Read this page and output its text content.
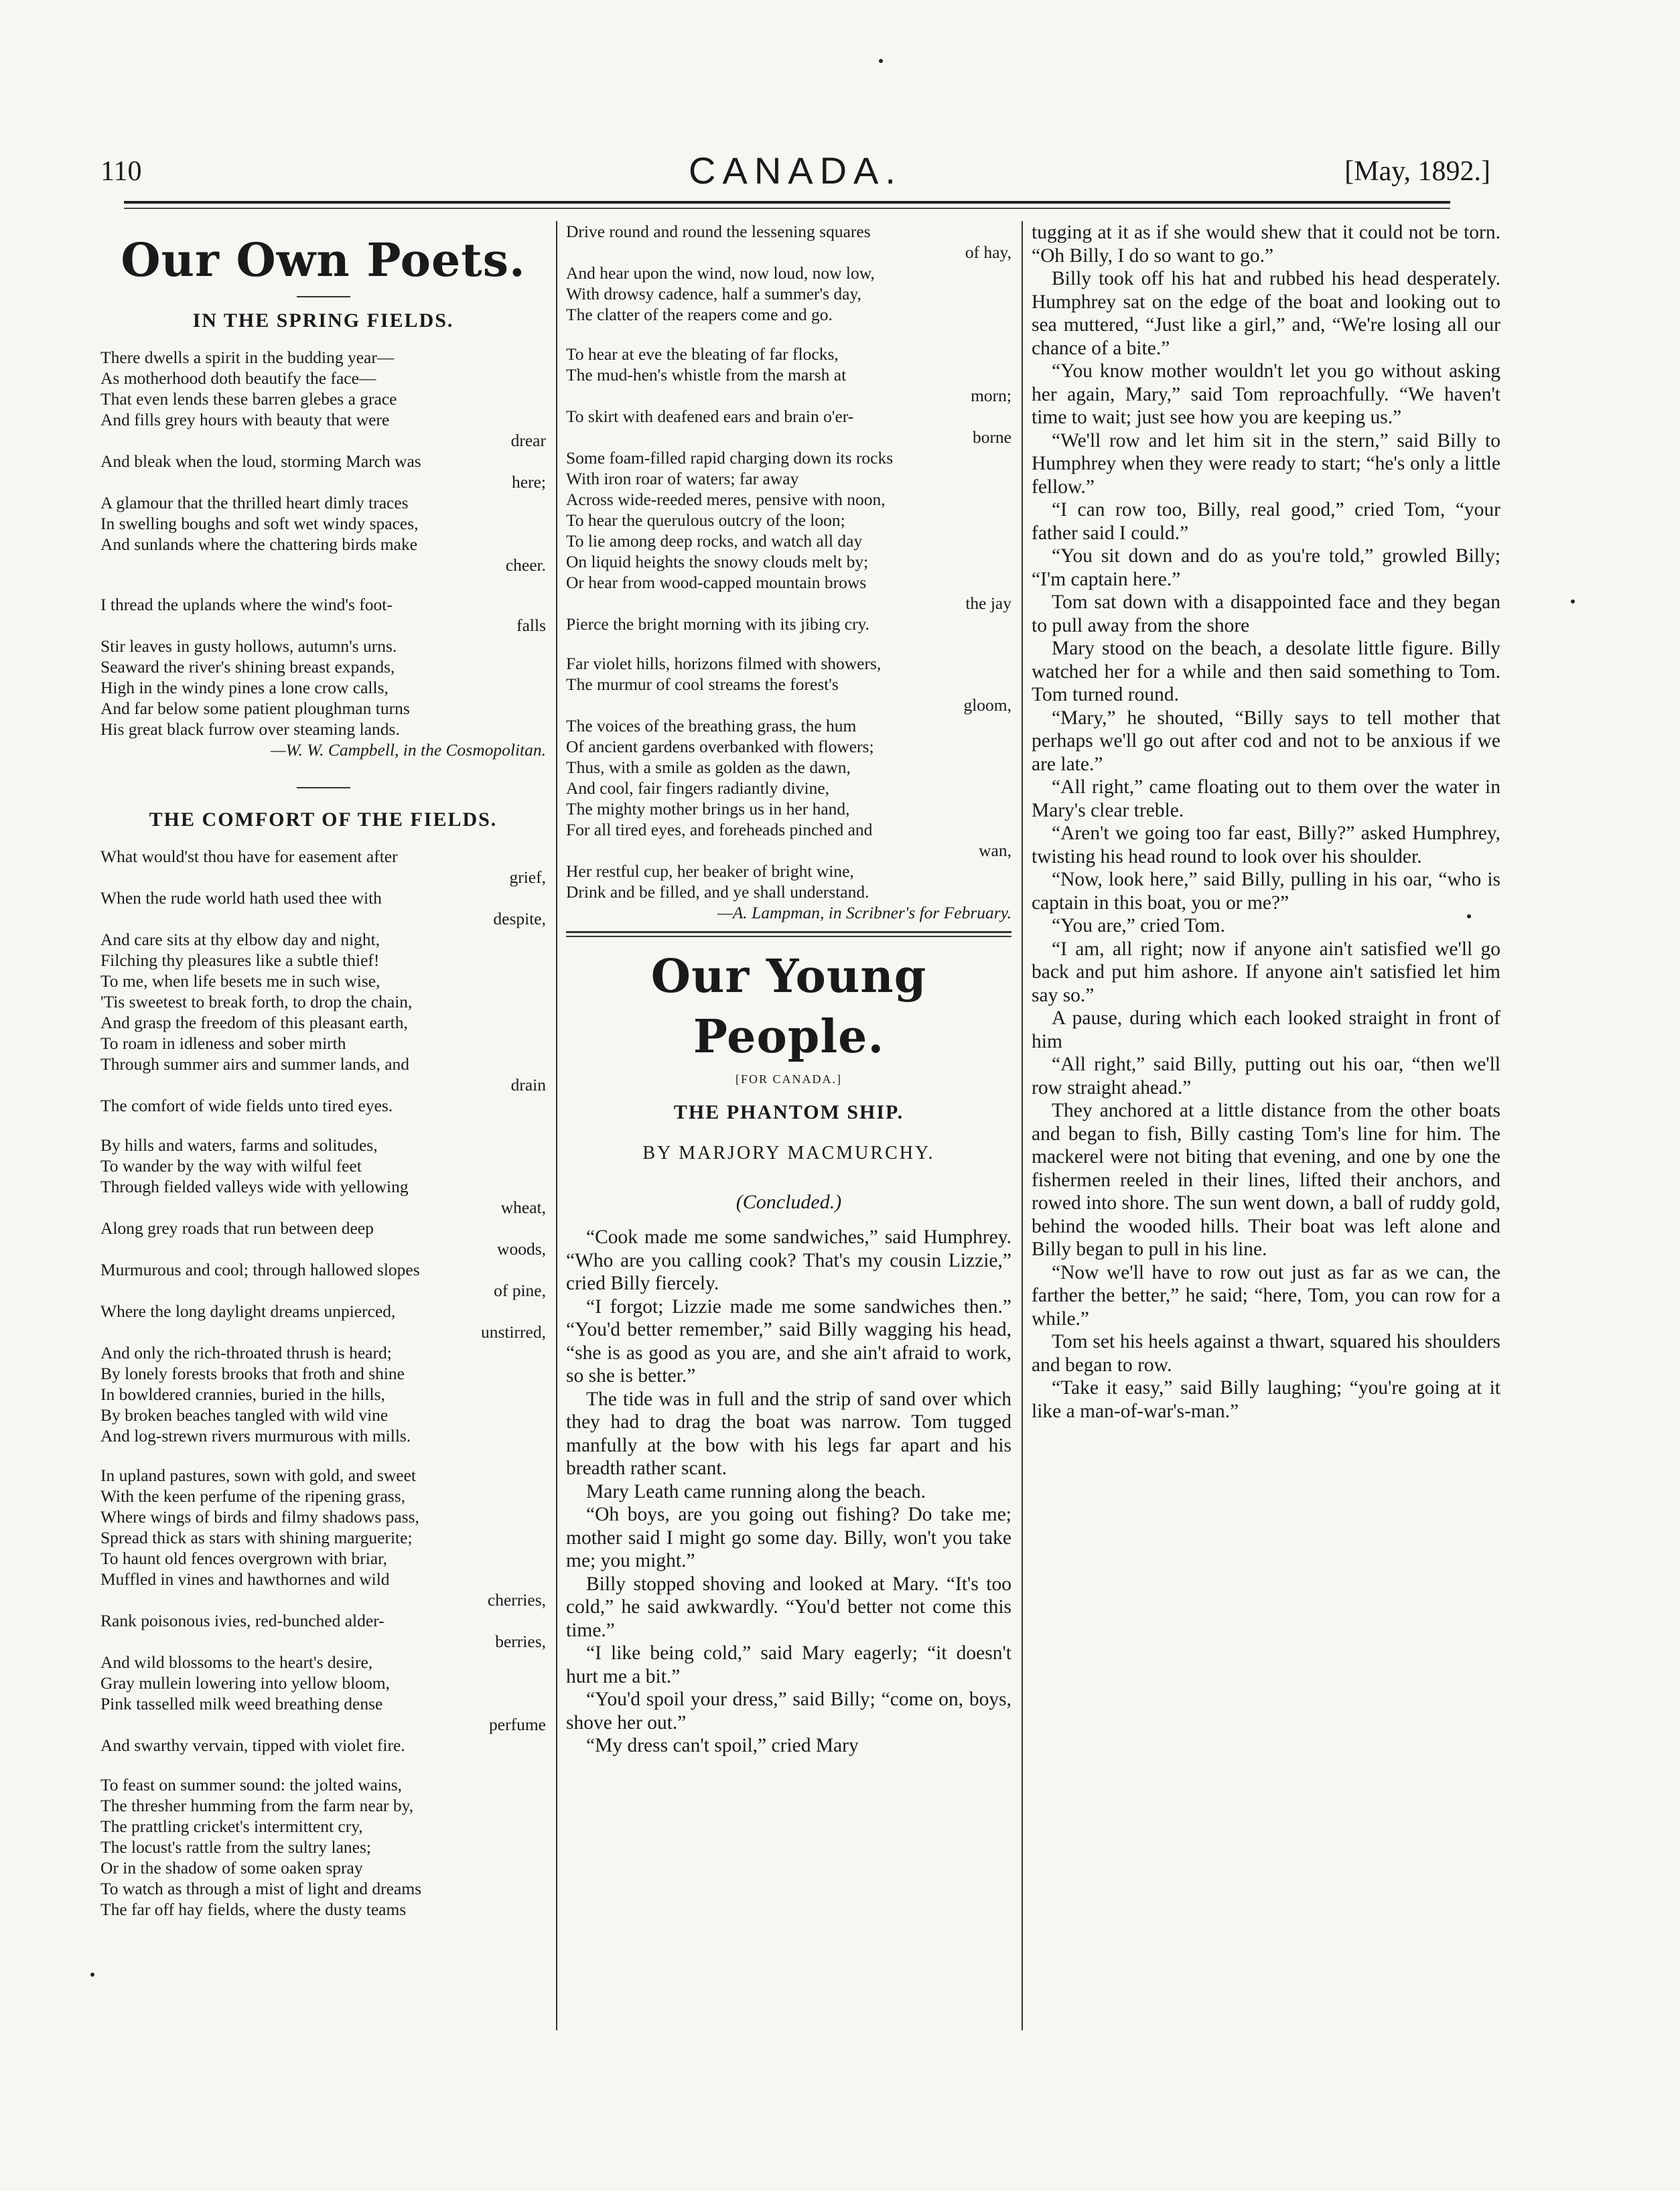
110	CANADA.	[May, 1892.]
Our Own Poets.
IN THE SPRING FIELDS.
There dwells a spirit in the budding year—
As motherhood doth beautify the face—
That even lends these barren glebes a grace
And fills grey hours with beauty that were
drear
And bleak when the loud, storming March was
here;
A glamour that the thrilled heart dimly traces
In swelling boughs and soft wet windy spaces,
And sunlands where the chattering birds make
cheer.
I thread the uplands where the wind's foot-
falls
Stir leaves in gusty hollows, autumn's urns.
Seaward the river's shining breast expands,
High in the windy pines a lone crow calls,
And far below some patient ploughman turns
His great black furrow over steaming lands.
—W. W. Campbell, in the Cosmopolitan.
THE COMFORT OF THE FIELDS.
What would'st thou have for easement after
grief,
When the rude world hath used thee with
despite,
And care sits at thy elbow day and night,
Filching thy pleasures like a subtle thief!
To me, when life besets me in such wise,
'Tis sweetest to break forth, to drop the chain,
And grasp the freedom of this pleasant earth,
To roam in idleness and sober mirth
Through summer airs and summer lands, and
drain
The comfort of wide fields unto tired eyes.
By hills and waters, farms and solitudes,
To wander by the way with wilful feet
Through fielded valleys wide with yellowing
wheat,
Along grey roads that run between deep
woods,
Murmurous and cool; through hallowed slopes
of pine,
Where the long daylight dreams unpierced,
unstirred,
And only the rich-throated thrush is heard;
By lonely forests brooks that froth and shine
In bowldered crannies, buried in the hills,
By broken beaches tangled with wild vine
And log-strewn rivers murmurous with mills.
In upland pastures, sown with gold, and sweet
With the keen perfume of the ripening grass,
Where wings of birds and filmy shadows pass,
Spread thick as stars with shining marguerite;
To haunt old fences overgrown with briar,
Muffled in vines and hawthornes and wild
cherries,
Rank poisonous ivies, red-bunched alder-
berries,
And wild blossoms to the heart's desire,
Gray mullein lowering into yellow bloom,
Pink tasselled milk weed breathing dense
perfume
And swarthy vervain, tipped with violet fire.
To feast on summer sound: the jolted wains,
The thresher humming from the farm near by,
The prattling cricket's intermittent cry,
The locust's rattle from the sultry lanes;
Or in the shadow of some oaken spray
To watch as through a mist of light and dreams
The far off hay fields, where the dusty teams
Drive round and round the lessening squares
of hay,
And hear upon the wind, now loud, now low,
With drowsy cadence, half a summer's day,
The clatter of the reapers come and go.
To hear at eve the bleating of far flocks,
The mud-hen's whistle from the marsh at
morn;
To skirt with deafened ears and brain o'er-
borne
Some foam-filled rapid charging down its rocks
With iron roar of waters; far away
Across wide-reeded meres, pensive with noon,
To hear the querulous outcry of the loon;
To lie among deep rocks, and watch all day
On liquid heights the snowy clouds melt by;
Or hear from wood-capped mountain brows
the jay
Pierce the bright morning with its jibing cry.
Far violet hills, horizons filmed with showers,
The murmur of cool streams the forest's
gloom,
The voices of the breathing grass, the hum
Of ancient gardens overbanked with flowers;
Thus, with a smile as golden as the dawn,
And cool, fair fingers radiantly divine,
The mighty mother brings us in her hand,
For all tired eyes, and foreheads pinched and
wan,
Her restful cup, her beaker of bright wine,
Drink and be filled, and ye shall understand.
—A. Lampman, in Scribner's for February.
Our Young People.
[FOR CANADA.]
THE PHANTOM SHIP.
BY MARJORY MACMURCHY.
(Concluded.)

“Cook made me some sandwiches,” said Humphrey. “Who are you calling cook? That's my cousin Lizzie,” cried Billy fiercely.

“I forgot; Lizzie made me some sandwiches then.” “You'd better remember,” said Billy wagging his head, “she is as good as you are, and she ain't afraid to work, so she is better.”

The tide was in full and the strip of sand over which they had to drag the boat was narrow. Tom tugged manfully at the bow with his legs far apart and his breadth rather scant.

Mary Leath came running along the beach.

“Oh boys, are you going out fishing? Do take me; mother said I might go some day. Billy, won't you take me; you might.”

Billy stopped shoving and looked at Mary. “It's too cold,” he said awkwardly. “You'd better not come this time.”

“I like being cold,” said Mary eagerly; “it doesn't hurt me a bit.”

“You'd spoil your dress,” said Billy; “come on, boys, shove her out.”

“My dress can't spoil,” cried Mary

tugging at it as if she would shew that it could not be torn. “Oh Billy, I do so want to go.”

Billy took off his hat and rubbed his head desperately. Humphrey sat on the edge of the boat and looking out to sea muttered, “Just like a girl,” and, “We're losing all our chance of a bite.”

“You know mother wouldn't let you go without asking her again, Mary,” said Tom reproachfully. “We haven't time to wait; just see how you are keeping us.”

“We'll row and let him sit in the stern,” said Billy to Humphrey when they were ready to start; “he's only a little fellow.”

“I can row too, Billy, real good,” cried Tom, “your father said I could.”

“You sit down and do as you're told,” growled Billy; “I'm captain here.”

Tom sat down with a disappointed face and they began to pull away from the shore

Mary stood on the beach, a desolate little figure. Billy watched her for a while and then said something to Tom. Tom turned round.

“Mary,” he shouted, “Billy says to tell mother that perhaps we'll go out after cod and not to be anxious if we are late.”

“All right,” came floating out to them over the water in Mary's clear treble.

“Aren't we going too far east, Billy?” asked Humphrey, twisting his head round to look over his shoulder.

“Now, look here,” said Billy, pulling in his oar, “who is captain in this boat, you or me?”

“You are,” cried Tom.

“I am, all right; now if anyone ain't satisfied we'll go back and put him ashore. If anyone ain't satisfied let him say so.”

A pause, during which each looked straight in front of him

“All right,” said Billy, putting out his oar, “then we'll row straight ahead.”

They anchored at a little distance from the other boats and began to fish, Billy casting Tom's line for him. The mackerel were not biting that evening, and one by one the fishermen reeled in their lines, lifted their anchors, and rowed into shore. The sun went down, a ball of ruddy gold, behind the wooded hills. Their boat was left alone and Billy began to pull in his line.

“Now we'll have to row out just as far as we can, the farther the better,” he said; “here, Tom, you can row for a while.”

Tom set his heels against a thwart, squared his shoulders and began to row.

“Take it easy,” said Billy laughing; “you're going at it like a man-of-war's-man.”
